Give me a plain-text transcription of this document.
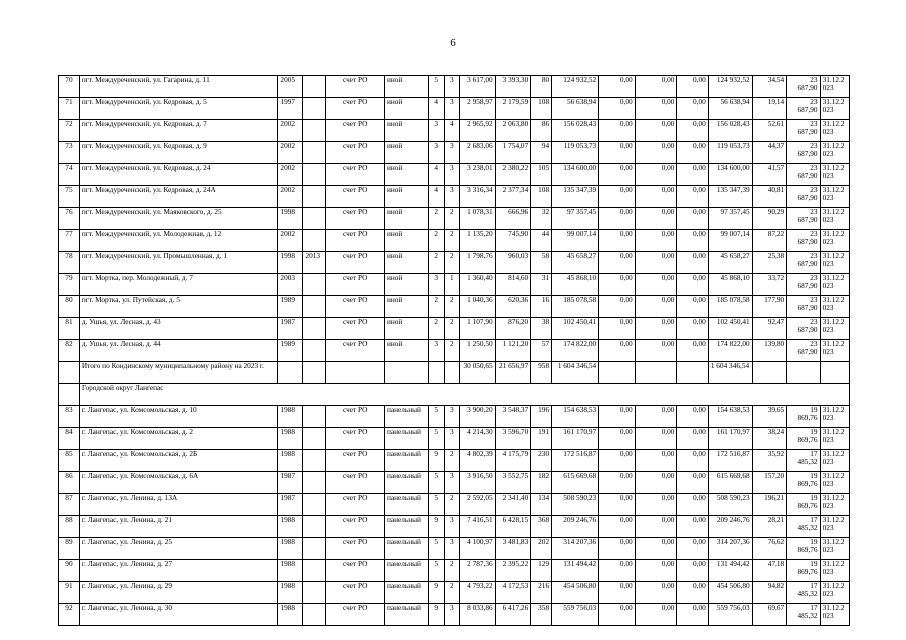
6
70	пгт. Междуреченский, ул. Гагарина, д. 11	2005		счет РО	иной	5	3	3 617,00	3 393,30	80	124 932,52	0,00	0,00	0,00	124 932,52	34,54	23 687,90	31.12.2023
71	пгт. Междуреченский, ул. Кедровая, д. 5	1997		счет РО	иной	4	3	2 958,97	2 179,59	108	56 638,94	0,00	0,00	0,00	56 638,94	19,14	23 687,90	31.12.2023
72	пгт. Междуреченский, ул. Кедровая, д. 7	2002		счет РО	иной	3	4	2 965,92	2 063,80	86	156 028,43	0,00	0,00	0,00	156 028,43	52,61	23 687,90	31.12.2023
73	пгт. Междуреченский, ул. Кедровая, д. 9	2002		счет РО	иной	3	3	2 683,06	1 754,07	94	119 053,73	0,00	0,00	0,00	119 053,73	44,37	23 687,90	31.12.2023
74	пгт. Междуреченский, ул. Кедровая, д. 24	2002		счет РО	иной	4	3	3 238,01	2 380,22	105	134 600,00	0,00	0,00	0,00	134 600,00	41,57	23 687,90	31.12.2023
75	пгт. Междуреченский, ул. Кедровая, д. 24А	2002		счет РО	иной	4	3	3 316,34	2 377,34	108	135 347,39	0,00	0,00	0,00	135 347,39	40,81	23 687,90	31.12.2023
76	пгт. Междуреченский, ул. Маяковского, д. 25	1998		счет РО	иной	2	2	1 078,31	666,96	32	97 357,45	0,00	0,00	0,00	97 357,45	90,29	23 687,90	31.12.2023
77	пгт. Междуреченский, ул. Молодежная, д. 12	2002		счет РО	иной	2	2	1 135,20	745,90	44	99 007,14	0,00	0,00	0,00	99 007,14	87,22	23 687,90	31.12.2023
78	пгт. Междуреченский, ул. Промышленная, д. 1	1998	2013	счет РО	иной	2	2	1 798,76	960,03	58	45 658,27	0,00	0,00	0,00	45 658,27	25,38	23 687,90	31.12.2023
79	пгт. Мортка, пер. Молодежный, д. 7	2003		счет РО	иной	3	1	1 360,40	814,60	31	45 868,10	0,00	0,00	0,00	45 868,10	33,72	23 687,90	31.12.2023
80	пгт. Мортка, ул. Путейская, д. 5	1989		счет РО	иной	2	2	1 040,36	620,36	16	185 078,58	0,00	0,00	0,00	185 078,58	177,90	23 687,90	31.12.2023
81	д. Ушья, ул. Лесная, д. 43	1987		счет РО	иной	2	2	1 107,90	876,20	38	102 450,41	0,00	0,00	0,00	102 450,41	92,47	23 687,90	31.12.2023
82	д. Ушья, ул. Лесная, д. 44	1989		счет РО	иной	3	2	1 250,50	1 121,20	57	174 822,00	0,00	0,00	0,00	174 822,00	139,80	23 687,90	31.12.2023
	Итого по Кондинскому муниципальному району на 2023 г.							30 050,65	21 656,97	958	1 604 346,54				1 604 346,54			
	Городской округ Лангепас																	
83	г. Лангепас, ул. Комсомольская, д. 10	1988		счет РО	панельный	5	3	3 900,20	3 548,37	196	154 638,53	0,00	0,00	0,00	154 638,53	39,65	19 869,76	31.12.2023
84	г. Лангепас, ул. Комсомольская, д. 2	1988		счет РО	панельный	5	3	4 214,30	3 596,70	191	161 170,97	0,00	0,00	0,00	161 170,97	38,24	19 869,76	31.12.2023
85	г. Лангепас, ул. Комсомольская, д. 2Б	1988		счет РО	панельный	9	2	4 802,39	4 175,79	230	172 516,87	0,00	0,00	0,00	172 516,87	35,92	17 485,32	31.12.2023
86	г. Лангепас, ул. Комсомольская, д. 6А	1987		счет РО	панельный	5	3	3 916,50	3 552,75	182	615 669,68	0,00	0,00	0,00	615 669,68	157,20	19 869,76	31.12.2023
87	г. Лангепас, ул. Ленина, д. 13А	1987		счет РО	панельный	5	2	2 592,05	2 341,40	134	508 590,23	0,00	0,00	0,00	508 590,23	196,21	19 869,76	31.12.2023
88	г. Лангепас, ул. Ленина, д. 21	1988		счет РО	панельный	9	3	7 416,51	6 428,15	368	209 246,76	0,00	0,00	0,00	209 246,76	28,21	17 485,32	31.12.2023
89	г. Лангепас, ул. Ленина, д. 25	1988		счет РО	панельный	5	3	4 100,97	3 481,83	202	314 207,36	0,00	0,00	0,00	314 207,36	76,62	19 869,76	31.12.2023
90	г. Лангепас, ул. Ленина, д. 27	1988		счет РО	панельный	5	2	2 787,36	2 395,22	129	131 494,42	0,00	0,00	0,00	131 494,42	47,18	19 869,76	31.12.2023
91	г. Лангепас, ул. Ленина, д. 29	1988		счет РО	панельный	9	2	4 793,22	4 172,53	216	454 506,80	0,00	0,00	0,00	454 506,80	94,82	17 485,32	31.12.2023
92	г. Лангепас, ул. Ленина, д. 30	1988		счет РО	панельный	9	3	8 033,86	6 417,26	358	559 756,03	0,00	0,00	0,00	559 756,03	69,67	17 485,32	31.12.2023
